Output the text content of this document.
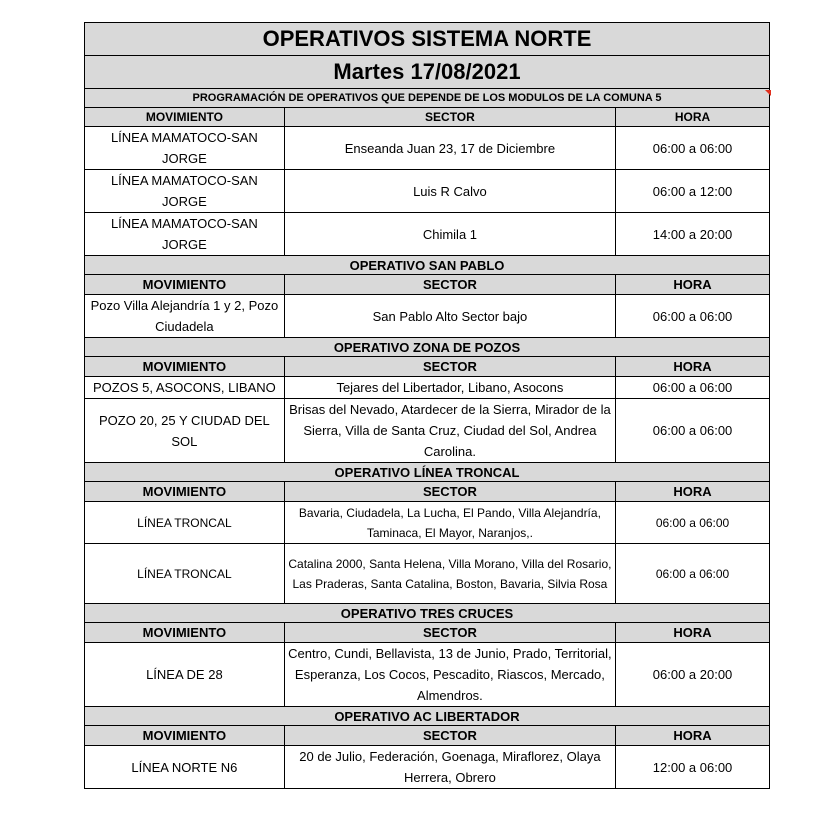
OPERATIVOS SISTEMA NORTE		
Martes 17/08/2021		

PROGRAMACIÓN DE OPERATIVOS QUE DEPENDE DE LOS MODULOS DE LA COMUNA 5		
MOVIMIENTO	SECTOR	HORA
LÍNEA MAMATOCO-SAN JORGE	Enseanda Juan 23, 17 de Diciembre	06:00 a 06:00
LÍNEA MAMATOCO-SAN JORGE	Luis R Calvo	06:00 a 12:00
LÍNEA MAMATOCO-SAN JORGE	Chimila 1	14:00 a 20:00
OPERATIVO SAN PABLO		
MOVIMIENTO	SECTOR	HORA
Pozo Villa Alejandría 1 y 2, Pozo Ciudadela	San Pablo Alto Sector bajo	06:00 a 06:00
OPERATIVO ZONA DE POZOS		
MOVIMIENTO	SECTOR	HORA
POZOS 5, ASOCONS, LIBANO	Tejares del Libertador, Libano, Asocons	06:00 a 06:00
POZO 20, 25 Y CIUDAD DEL SOL	Brisas del Nevado, Atardecer de la Sierra, Mirador de la Sierra, Villa de Santa Cruz, Ciudad del Sol, Andrea Carolina.	06:00 a 06:00
OPERATIVO LÍNEA TRONCAL		
MOVIMIENTO	SECTOR	HORA
LÍNEA TRONCAL	Bavaria, Ciudadela, La Lucha, El Pando, Villa Alejandría, Taminaca, El Mayor, Naranjos,.	06:00 a 06:00
LÍNEA TRONCAL	Catalina 2000, Santa Helena, Villa Morano, Villa del Rosario, Las Praderas, Santa Catalina, Boston, Bavaria, Silvia Rosa	06:00 a 06:00
OPERATIVO TRES CRUCES		
MOVIMIENTO	SECTOR	HORA
LÍNEA DE 28	Centro, Cundi, Bellavista, 13 de Junio, Prado, Territorial, Esperanza, Los Cocos, Pescadito, Riascos, Mercado, Almendros.	06:00 a 20:00
OPERATIVO AC LIBERTADOR		
MOVIMIENTO	SECTOR	HORA
LÍNEA NORTE N6	20 de Julio, Federación, Goenaga, Miraflorez, Olaya Herrera, Obrero	12:00 a 06:00
